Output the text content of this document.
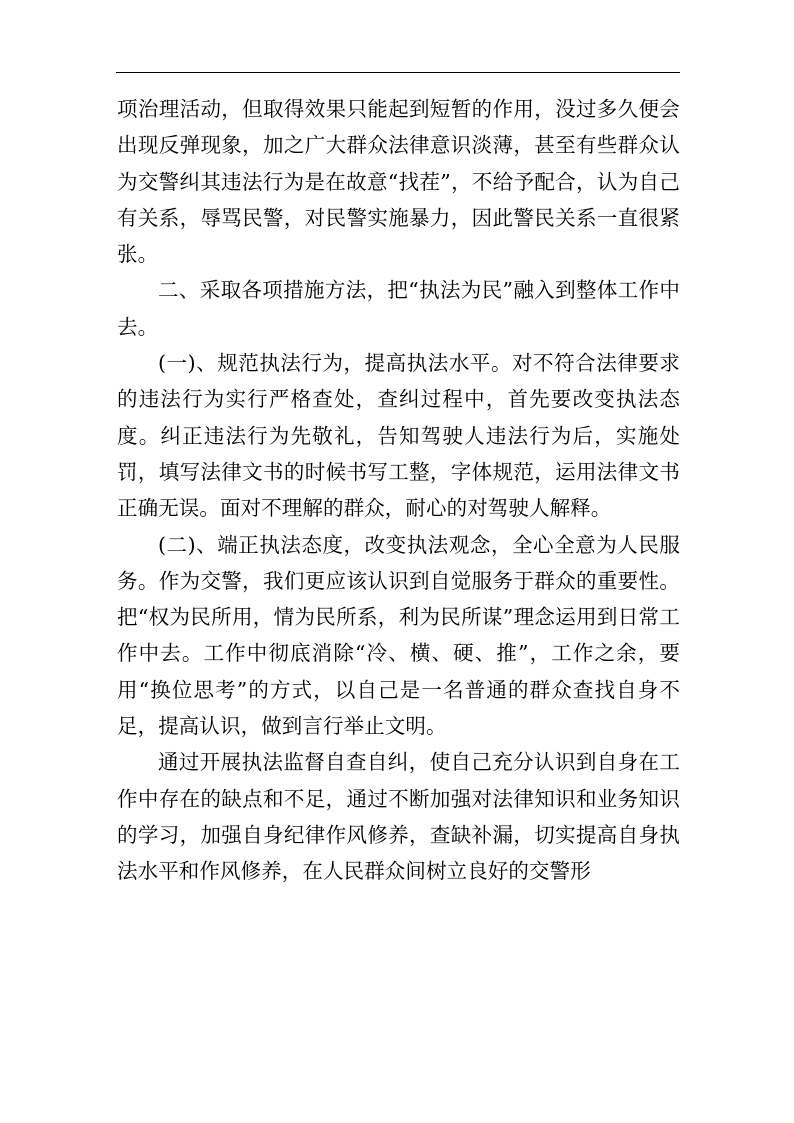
项治理活动，但取得效果只能起到短暂的作用，没过多久便会出现反弹现象，加之广大群众法律意识淡薄，甚至有些群众认为交警纠其违法行为是在故意“找茬”，不给予配合，认为自己有关系，辱骂民警，对民警实施暴力，因此警民关系一直很紧张。

二、采取各项措施方法，把“执法为民”融入到整体工作中去。

(一)、规范执法行为，提高执法水平。对不符合法律要求的违法行为实行严格查处，查纠过程中，首先要改变执法态度。纠正违法行为先敬礼，告知驾驶人违法行为后，实施处罚，填写法律文书的时候书写工整，字体规范，运用法律文书正确无误。面对不理解的群众，耐心的对驾驶人解释。

(二)、端正执法态度，改变执法观念，全心全意为人民服务。作为交警，我们更应该认识到自觉服务于群众的重要性。把“权为民所用，情为民所系，利为民所谋”理念运用到日常工作中去。工作中彻底消除“冷、横、硬、推”，工作之余，要用“换位思考”的方式，以自己是一名普通的群众查找自身不足，提高认识，做到言行举止文明。

通过开展执法监督自查自纠，使自己充分认识到自身在工作中存在的缺点和不足，通过不断加强对法律知识和业务知识的学习，加强自身纪律作风修养，查缺补漏，切实提高自身执法水平和作风修养，在人民群众间树立良好的交警形
